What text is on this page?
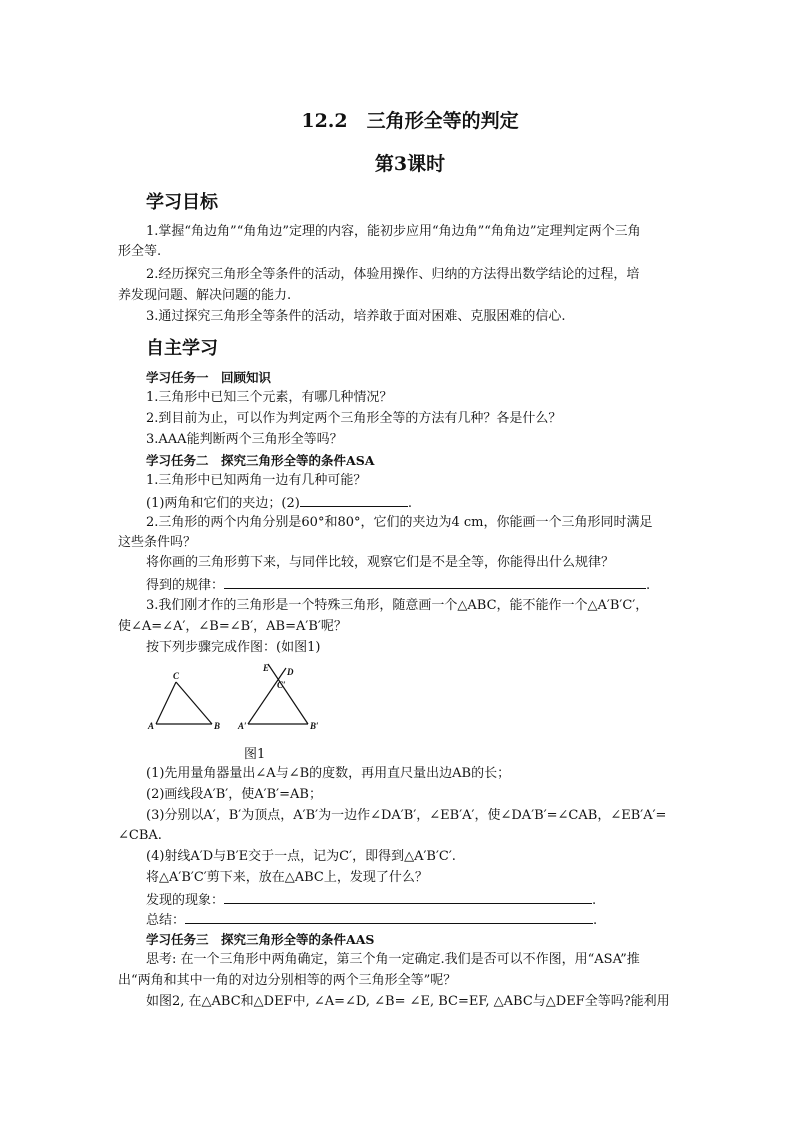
12.2　三角形全等的判定
第3课时
学习目标
1.掌握“角边角”“角角边”定理的内容，能初步应用“角边角”“角角边”定理判定两个三角
形全等.
2.经历探究三角形全等条件的活动，体验用操作、归纳的方法得出数学结论的过程，培
养发现问题、解决问题的能力.
3.通过探究三角形全等条件的活动，培养敢于面对困难、克服困难的信心.
自主学习
学习任务一　回顾知识
1.三角形中已知三个元素，有哪几种情况？
2.到目前为止，可以作为判定两个三角形全等的方法有几种？各是什么？
3.AAA能判断两个三角形全等吗？
学习任务二　探究三角形全等的条件ASA
1.三角形中已知两角一边有几种可能？
(1)两角和它们的夹边；(2)	.
2.三角形的两个内角分别是60°和80°，它们的夹边为4 cm，你能画一个三角形同时满足
这些条件吗？
将你画的三角形剪下来，与同伴比较，观察它们是不是全等，你能得出什么规律？
得到的规律：	.
3.我们刚才作的三角形是一个特殊三角形，随意画一个△ABC，能不能作一个△A′B′C′，
使∠A=∠A′，∠B=∠B′，AB=A′B′呢？
按下列步骤完成作图：(如图1)
C
A	B A′	B′
C′
E D
图1
(1)先用量角器量出∠A与∠B的度数，再用直尺量出边AB的长；
(2)画线段A′B′，使A′B′=AB；
(3)分别以A′，B′为顶点，A′B′为一边作∠DA′B′，∠EB′A′，使∠DA′B′=∠CAB，∠EB′A′=
∠CBA.
(4)射线A′D与B′E交于一点，记为C′，即得到△A′B′C′.
将△A′B′C′剪下来，放在△ABC上，发现了什么？
发现的现象：	.
总结：	.
学习任务三　探究三角形全等的条件AAS
思考: 在一个三角形中两角确定，第三个角一定确定.我们是否可以不作图，用“ASA”推
出“两角和其中一角的对边分别相等的两个三角形全等”呢？
如图2, 在△ABC和△DEF中, ∠A=∠D, ∠B= ∠E, BC=EF, △ABC与△DEF全等吗?能利用
